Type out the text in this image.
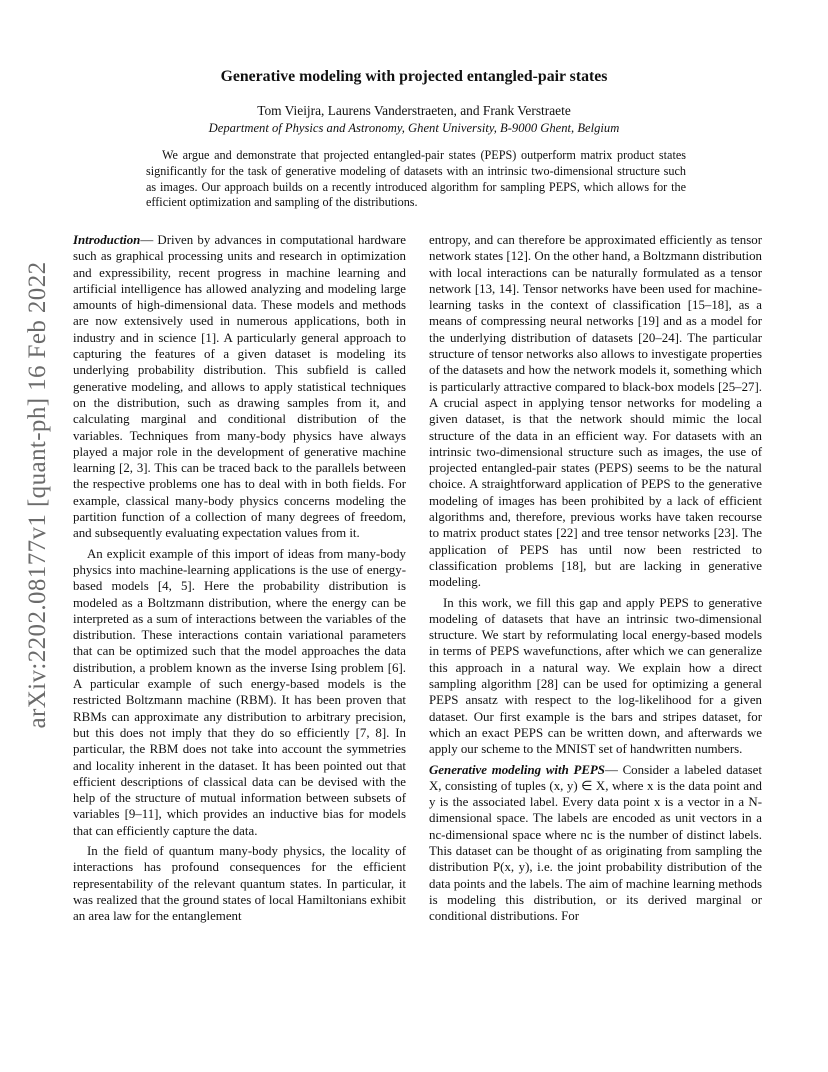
arXiv:2202.08177v1 [quant-ph] 16 Feb 2022
Generative modeling with projected entangled-pair states
Tom Vieijra, Laurens Vanderstraeten, and Frank Verstraete
Department of Physics and Astronomy, Ghent University, B-9000 Ghent, Belgium

We argue and demonstrate that projected entangled-pair states (PEPS) outperform matrix product states significantly for the task of generative modeling of datasets with an intrinsic two-dimensional structure such as images. Our approach builds on a recently introduced algorithm for sampling PEPS, which allows for the efficient optimization and sampling of the distributions.

Introduction— Driven by advances in computational hardware such as graphical processing units and research in optimization and expressibility, recent progress in machine learning and artificial intelligence has allowed analyzing and modeling large amounts of high-dimensional data. These models and methods are now extensively used in numerous applications, both in industry and in science [1]. A particularly general approach to capturing the features of a given dataset is modeling its underlying probability distribution. This subfield is called generative modeling, and allows to apply statistical techniques on the distribution, such as drawing samples from it, and calculating marginal and conditional distribution of the variables. Techniques from many-body physics have always played a major role in the development of generative machine learning [2, 3]. This can be traced back to the parallels between the respective problems one has to deal with in both fields. For example, classical many-body physics concerns modeling the partition function of a collection of many degrees of freedom, and subsequently evaluating expectation values from it.

An explicit example of this import of ideas from many-body physics into machine-learning applications is the use of energy-based models [4, 5]. Here the probability distribution is modeled as a Boltzmann distribution, where the energy can be interpreted as a sum of interactions between the variables of the distribution. These interactions contain variational parameters that can be optimized such that the model approaches the data distribution, a problem known as the inverse Ising problem [6]. A particular example of such energy-based models is the restricted Boltzmann machine (RBM). It has been proven that RBMs can approximate any distribution to arbitrary precision, but this does not imply that they do so efficiently [7, 8]. In particular, the RBM does not take into account the symmetries and locality inherent in the dataset. It has been pointed out that efficient descriptions of classical data can be devised with the help of the structure of mutual information between subsets of variables [9–11], which provides an inductive bias for models that can efficiently capture the data.

In the field of quantum many-body physics, the locality of interactions has profound consequences for the efficient representability of the relevant quantum states. In particular, it was realized that the ground states of local Hamiltonians exhibit an area law for the entanglement

entropy, and can therefore be approximated efficiently as tensor network states [12]. On the other hand, a Boltzmann distribution with local interactions can be naturally formulated as a tensor network [13, 14]. Tensor networks have been used for machine-learning tasks in the context of classification [15–18], as a means of compressing neural networks [19] and as a model for the underlying distribution of datasets [20–24]. The particular structure of tensor networks also allows to investigate properties of the datasets and how the network models it, something which is particularly attractive compared to black-box models [25–27]. A crucial aspect in applying tensor networks for modeling a given dataset, is that the network should mimic the local structure of the data in an efficient way. For datasets with an intrinsic two-dimensional structure such as images, the use of projected entangled-pair states (PEPS) seems to be the natural choice. A straightforward application of PEPS to the generative modeling of images has been prohibited by a lack of efficient algorithms and, therefore, previous works have taken recourse to matrix product states [22] and tree tensor networks [23]. The application of PEPS has until now been restricted to classification problems [18], but are lacking in generative modeling.

In this work, we fill this gap and apply PEPS to generative modeling of datasets that have an intrinsic two-dimensional structure. We start by reformulating local energy-based models in terms of PEPS wavefunctions, after which we can generalize this approach in a natural way. We explain how a direct sampling algorithm [28] can be used for optimizing a general PEPS ansatz with respect to the log-likelihood for a given dataset. Our first example is the bars and stripes dataset, for which an exact PEPS can be written down, and afterwards we apply our scheme to the MNIST set of handwritten numbers.

Generative modeling with PEPS— Consider a labeled dataset X, consisting of tuples (x, y) ∈ X, where x is the data point and y is the associated label. Every data point x is a vector in a N-dimensional space. The labels are encoded as unit vectors in a nc-dimensional space where nc is the number of distinct labels. This dataset can be thought of as originating from sampling the distribution P(x, y), i.e. the joint probability distribution of the data points and the labels. The aim of machine learning methods is modeling this distribution, or its derived marginal or conditional distributions. For
